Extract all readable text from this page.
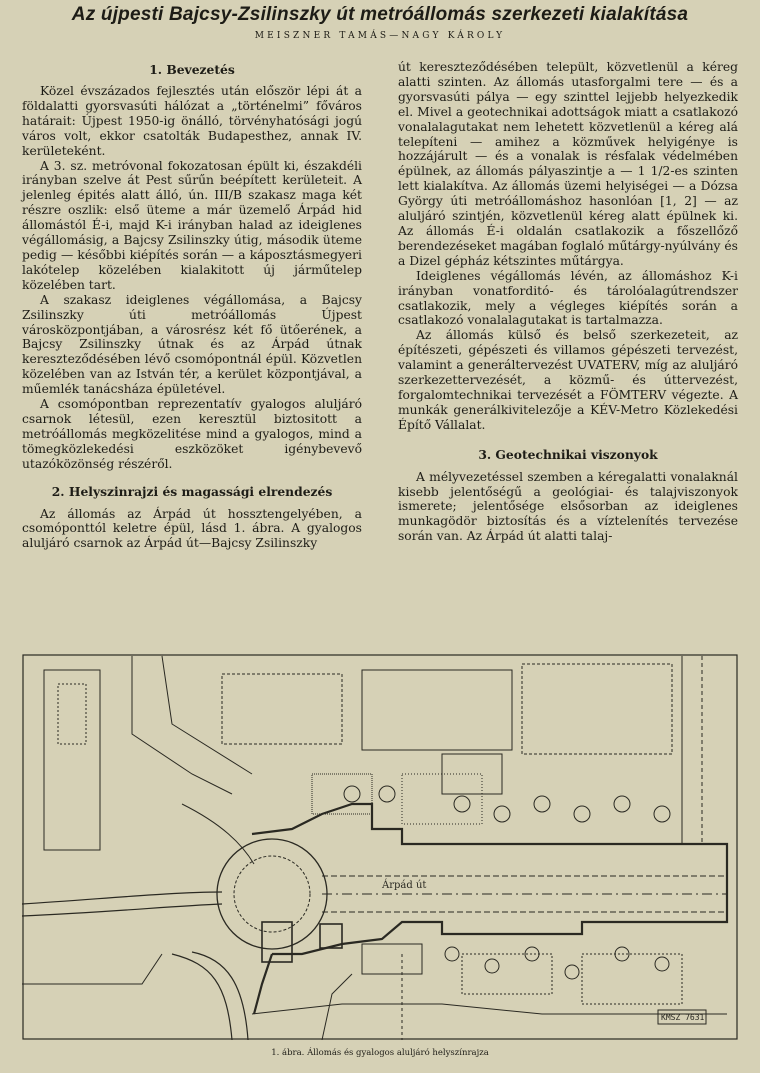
Az újpesti Bajcsy-Zsilinszky út metróállomás szerkezeti kialakítása
MEISZNER TAMÁS—NAGY KÁROLY
1. Bevezetés

Közel évszázados fejlesztés után először lépi át a földalatti gyorsvasúti hálózat a „történelmi” főváros határait: Újpest 1950-ig önálló, törvényhatósági jogú város volt, ekkor csatolták Budapesthez, annak IV. kerületeként.

A 3. sz. metróvonal fokozatosan épült ki, északdéli irányban szelve át Pest sűrűn beépített kerületeit. A jelenleg épités alatt álló, ún. III/B szakasz maga két részre oszlik: első üteme a már üzemelő Árpád hid állomástól É-i, majd K-i irányban halad az ideiglenes végállomásig, a Bajcsy Zsilinszky útig, második üteme pedig — későbbi kiépítés során — a káposztásmegyeri lakótelep közelében kialakitott új járműtelep közelében tart.

A szakasz ideiglenes végállomása, a Bajcsy Zsilinszky úti metróállomás Újpest városközpontjában, a városrész két fő ütőerének, a Bajcsy Zsilinszky útnak és az Árpád útnak kereszteződésében lévő csomópontnál épül. Közvetlen közelében van az István tér, a kerület központjával, a műemlék tanácsháza épületével.

A csomópontban reprezentatív gyalogos aluljáró csarnok létesül, ezen keresztül biztositott a metróállomás megközelitése mind a gyalogos, mind a tömegközlekedési eszközöket igénybevevő utazóközönség részéről.

2. Helyszinrajzi és magassági elrendezés

Az állomás az Árpád út hossztengelyében, a csomóponttól keletre épül, lásd 1. ábra. A gyalogos aluljáró csarnok az Árpád út—Bajcsy Zsilinszky

út kereszteződésében települt, közvetlenül a kéreg alatti szinten. Az állomás utasforgalmi tere — és a gyorsvasúti pálya — egy szinttel lejjebb helyezkedik el. Mivel a geotechnikai adottságok miatt a csatlakozó vonalalagutakat nem lehetett közvetlenül a kéreg alá telepíteni — amihez a közművek helyigénye is hozzájárult — és a vonalak is résfalak védelmében épülnek, az állomás pályaszintje a — 1 1/2-es szinten lett kialakítva. Az állomás üzemi helyiségei — a Dózsa György úti metróállomáshoz hasonlóan [1, 2] — az aluljáró szintjén, közvetlenül kéreg alatt épülnek ki. Az állomás É-i oldalán csatlakozik a főszellőző berendezéseket magában foglaló műtárgy-nyúlvány és a Dizel gépház kétszintes műtárgya.

Ideiglenes végállomás lévén, az állomáshoz K-i irányban vonatforditó- és tárolóalagútrendszer csatlakozik, mely a végleges kiépítés során a csatlakozó vonalalagutakat is tartalmazza.

Az állomás külső és belső szerkezeteit, az építészeti, gépészeti és villamos gépészeti tervezést, valamint a generáltervezést UVATERV, míg az aluljáró szerkezettervezését, a közmű- és úttervezést, forgalomtechnikai tervezését a FÖMTERV végezte. A munkák generálkivitelezője a KÉV-Metro Közlekedési Építő Vállalat.

3. Geotechnikai viszonyok

A mélyvezetéssel szemben a kéregalatti vonalaknál kisebb jelentőségű a geológiai- és talajviszonyok ismerete; jelentősége elsősorban az ideiglenes munkagödör biztosítás és a víztelenítés tervezése során van. Az Árpád út alatti talaj-

Árpád út
KMSZ 7631
1. ábra. Állomás és gyalogos aluljáró helyszínrajza
